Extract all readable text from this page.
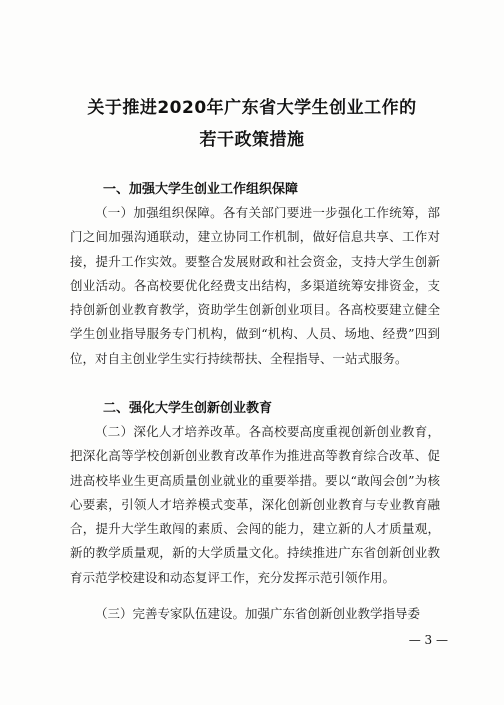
关于推进2020年广东省大学生创业工作的
若干政策措施
一、加强大学生创业工作组织保障

（一）加强组织保障。各有关部门要进一步强化工作统筹，部门之间加强沟通联动，建立协同工作机制，做好信息共享、工作对接，提升工作实效。要整合发展财政和社会资金，支持大学生创新创业活动。各高校要优化经费支出结构，多渠道统筹安排资金，支持创新创业教育教学，资助学生创新创业项目。各高校要建立健全学生创业指导服务专门机构，做到“机构、人员、场地、经费”四到位，对自主创业学生实行持续帮扶、全程指导、一站式服务。

二、强化大学生创新创业教育

（二）深化人才培养改革。各高校要高度重视创新创业教育，把深化高等学校创新创业教育改革作为推进高等教育综合改革、促进高校毕业生更高质量创业就业的重要举措。要以“敢闯会创”为核心要素，引领人才培养模式变革，深化创新创业教育与专业教育融合，提升大学生敢闯的素质、会闯的能力，建立新的人才质量观，新的教学质量观，新的大学质量文化。持续推进广东省创新创业教育示范学校建设和动态复评工作，充分发挥示范引领作用。

（三）完善专家队伍建设。加强广东省创新创业教学指导委

— 3 —
